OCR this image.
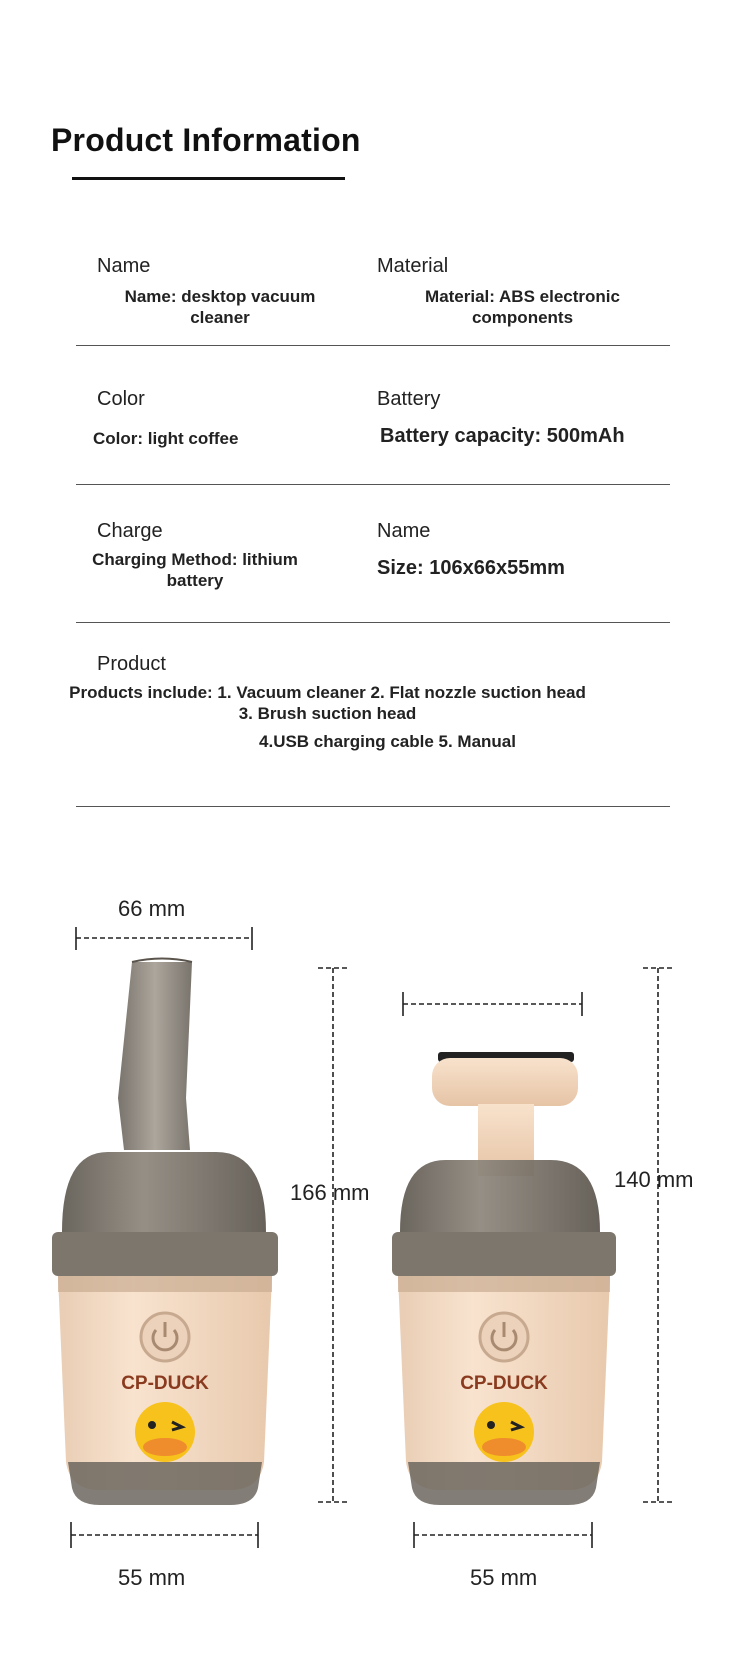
Product Information
Name
Name: desktop vacuum cleaner
Material
Material: ABS electronic components
Color
Color: light coffee
Battery
Battery capacity: 500mAh
Charge
Charging Method: lithium battery
Name
Size: 106x66x55mm
Product
Products include: 1. Vacuum cleaner 2. Flat nozzle suction head
3. Brush suction head
4.USB charging cable 5. Manual
66 mm
166 mm
140 mm
55 mm	55 mm
CP-DUCK	CP-DUCK
